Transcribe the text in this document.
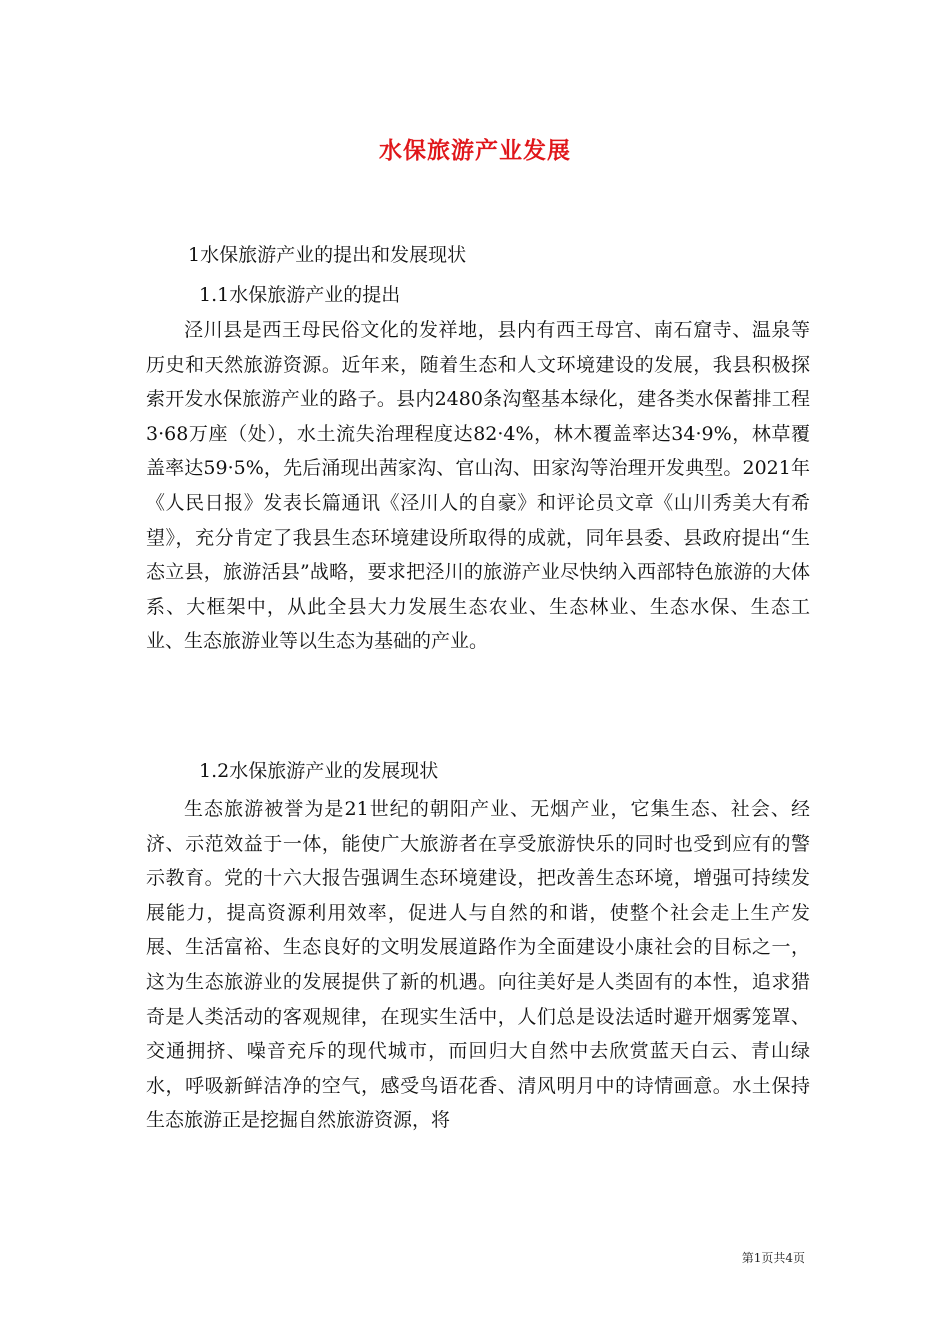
水保旅游产业发展

1水保旅游产业的提出和发展现状

1.1水保旅游产业的提出

泾川县是西王母民俗文化的发祥地，县内有西王母宫、南石窟寺、温泉等历史和天然旅游资源。近年来，随着生态和人文环境建设的发展，我县积极探索开发水保旅游产业的路子。县内2480条沟壑基本绿化，建各类水保蓄排工程3·68万座（处），水土流失治理程度达82·4%，林木覆盖率达34·9%，林草覆盖率达59·5%，先后涌现出茜家沟、官山沟、田家沟等治理开发典型。2021年《人民日报》发表长篇通讯《泾川人的自豪》和评论员文章《山川秀美大有希望》，充分肯定了我县生态环境建设所取得的成就，同年县委、县政府提出“生态立县，旅游活县”战略，要求把泾川的旅游产业尽快纳入西部特色旅游的大体系、大框架中，从此全县大力发展生态农业、生态林业、生态水保、生态工业、生态旅游业等以生态为基础的产业。

1.2水保旅游产业的发展现状

生态旅游被誉为是21世纪的朝阳产业、无烟产业，它集生态、社会、经济、示范效益于一体，能使广大旅游者在享受旅游快乐的同时也受到应有的警示教育。党的十六大报告强调生态环境建设，把改善生态环境，增强可持续发展能力，提高资源利用效率，促进人与自然的和谐，使整个社会走上生产发展、生活富裕、生态良好的文明发展道路作为全面建设小康社会的目标之一，这为生态旅游业的发展提供了新的机遇。向往美好是人类固有的本性，追求猎奇是人类活动的客观规律，在现实生活中，人们总是设法适时避开烟雾笼罩、交通拥挤、噪音充斥的现代城市，而回归大自然中去欣赏蓝天白云、青山绿水，呼吸新鲜洁净的空气，感受鸟语花香、清风明月中的诗情画意。水土保持生态旅游正是挖掘自然旅游资源，将

第1页共4页
